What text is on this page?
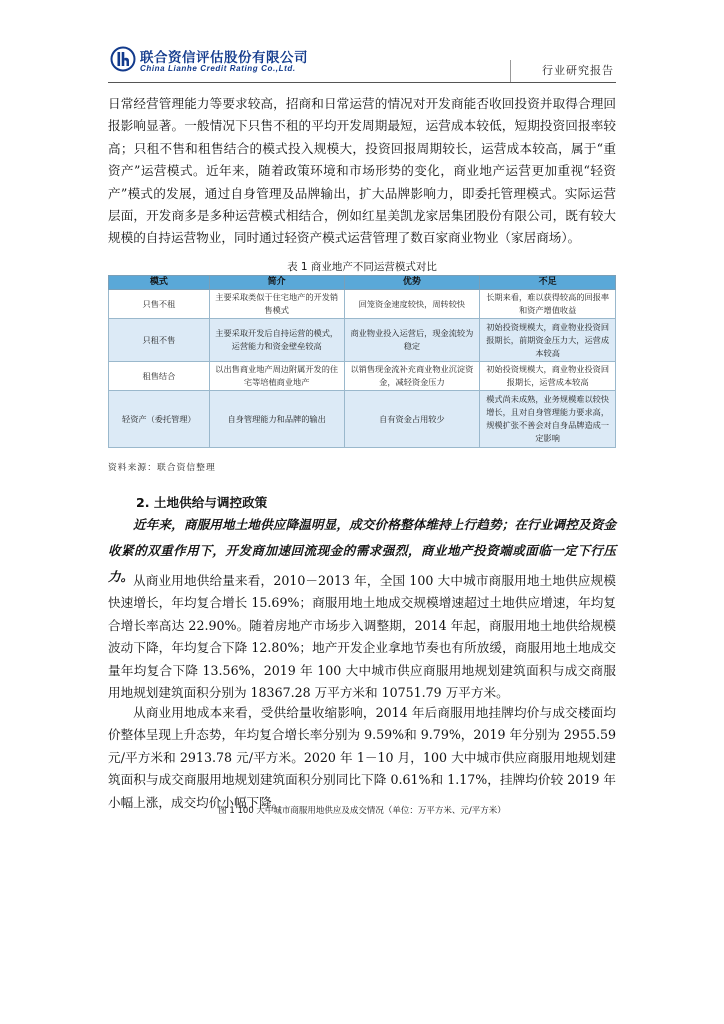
联合资信评估股份有限公司
China Lianhe Credit Rating Co.,Ltd.	行业研究报告

日常经营管理能力等要求较高，招商和日常运营的情况对开发商能否收回投资并取得合理回报影响显著。一般情况下只售不租的平均开发周期最短，运营成本较低，短期投资回报率较高；只租不售和租售结合的模式投入规模大，投资回报周期较长，运营成本较高，属于“重资产”运营模式。近年来，随着政策环境和市场形势的变化，商业地产运营更加重视“轻资产”模式的发展，通过自身管理及品牌输出，扩大品牌影响力，即委托管理模式。实际运营层面，开发商多是多种运营模式相结合，例如红星美凯龙家居集团股份有限公司，既有较大规模的自持运营物业，同时通过轻资产模式运营管理了数百家商业物业（家居商场）。

表 1 商业地产不同运营模式对比
模式	简介	优势	不足
只售不租	主要采取类似于住宅地产的开发销售模式	回笼资金速度较快，周转较快	长期来看，难以获得较高的回报率和资产增值收益
只租不售	主要采取开发后自持运营的模式，运营能力和资金壁垒较高	商业物业投入运营后，现金流较为稳定	初始投资规模大，商业物业投资回报期长，前期资金压力大，运营成本较高
租售结合	以出售商业地产周边附属开发的住宅等培植商业地产	以销售现金流补充商业物业沉淀资金，减轻资金压力	初始投资规模大，商业物业投资回报期长，运营成本较高
轻资产（委托管理）	自身管理能力和品牌的输出	自有资金占用较少	模式尚未成熟，业务规模难以较快增长，且对自身管理能力要求高，规模扩张不善会对自身品牌造成一定影响
资料来源：联合资信整理
2. 土地供给与调控政策

近年来，商服用地土地供应降温明显，成交价格整体维持上行趋势；在行业调控及资金收紧的双重作用下，开发商加速回流现金的需求强烈，商业地产投资端或面临一定下行压力。 从商业用地供给量来看，2010－2013 年，全国 100 大中城市商服用地土地供应规模快速增长，年均复合增长 15.69%；商服用地土地成交规模增速超过土地供应增速，年均复合增长率高达 22.90%。随着房地产市场步入调整期，2014 年起，商服用地土地供给规模波动下降，年均复合下降 12.80%；地产开发企业拿地节奏也有所放缓，商服用地土地成交量年均复合下降 13.56%，2019 年 100 大中城市供应商服用地规划建筑面积与成交商服用地规划建筑面积分别为 18367.28 万平方米和 10751.79 万平方米。

从商业用地成本来看，受供给量收缩影响，2014 年后商服用地挂牌均价与成交楼面均价整体呈现上升态势，年均复合增长率分别为 9.59%和 9.79%，2019 年分别为 2955.59 元/平方米和 2913.78 元/平方米。2020 年 1－10 月，100 大中城市供应商服用地规划建筑面积与成交商服用地规划建筑面积分别同比下降 0.61%和 1.17%，挂牌均价较 2019 年小幅上涨，成交均价小幅下降。

图 1 100 大中城市商服用地供应及成交情况（单位：万平方米、元/平方米）
